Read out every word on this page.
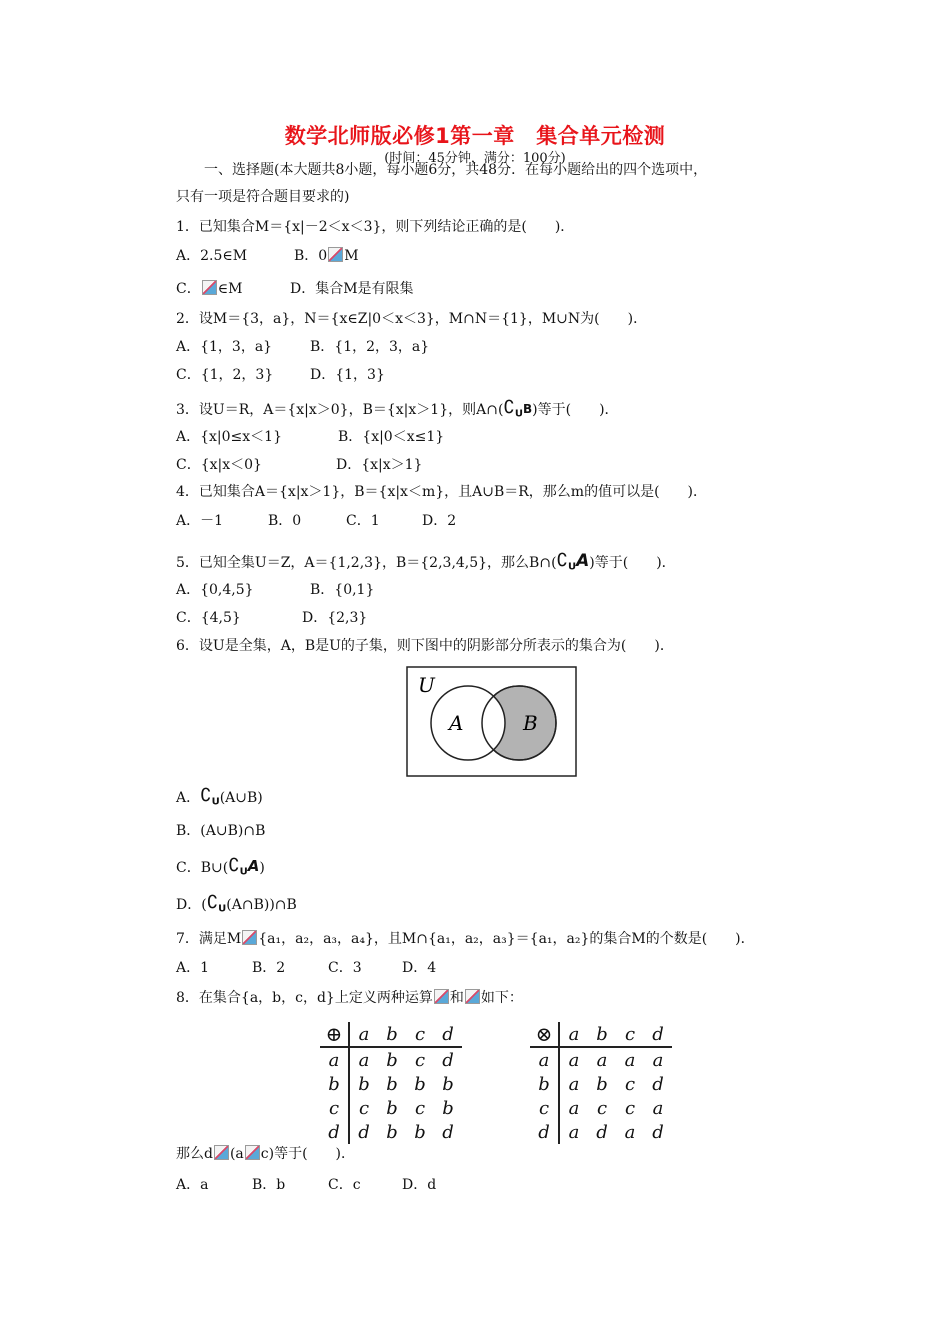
数学北师版必修1第一章　集合单元检测
(时间：45分钟，满分：100分)
一、选择题(本大题共8小题，每小题6分，共48分．在每小题给出的四个选项中，
只有一项是符合题目要求的)
1．已知集合M＝{x|－2＜x＜3}，则下列结论正确的是(　　)．
A．2.5∈M	B．0 M
C． ∈M	D．集合M是有限集
2．设M＝{3，a}，N＝{x∈Z|0＜x＜3}，M∩N＝{1}，M∪N为(　　)．
A．{1，3，a}	B．{1，2，3，a}
C．{1，2，3}	D．{1，3}
3．设U＝R，A＝{x|x＞0}，B＝{x|x＞1}，则$A\cap(∁_UB)$等于(　　)．
A．{x|0≤x＜1}	B．{x|0＜x≤1}
C．{x|x＜0}	D．{x|x＞1}
4．已知集合A＝{x|x＞1}，B＝{x|x＜m}，且A∪B＝R，那么m的值可以是(　　)．
A．－1	B．0	C．1	D．2
5．已知全集U＝Z，A＝{1,2,3}，B＝{2,3,4,5}，那么$B\cap(∁_UA)$等于(　　)．
A．{0,4,5}	B．{0,1}
C．{4,5}	D．{2,3}
6．设U是全集，A，B是U的子集，则下图中的阴影部分所表示的集合为(　　)．
U
A	B
A．$∁_U(A\cup B)$
B．(A∪B)∩B
C．$B\cup(∁_UA)$
D．$(∁_U(A\cap B))\cap B$
7．满足M {a₁，a₂，a₃，a₄}，且M∩{a₁，a₂，a₃}＝{a₁，a₂}的集合M的个数是(　　)．
A．1	B．2	C．3	D．4
8．在集合{a，b，c，d}上定义两种运算 和 如下：
⊕	a	b	c	d
a	a	b	c	d
b	b	b	b	b
c	c	b	c	b
d	d	b	b	d
⊗	a	b	c	d
a	a	a	a	a
b	a	b	c	d
c	a	c	c	a
d	a	d	a	d
那么d (a c)等于(　　)．
A．a	B．b	C．c	D．d
